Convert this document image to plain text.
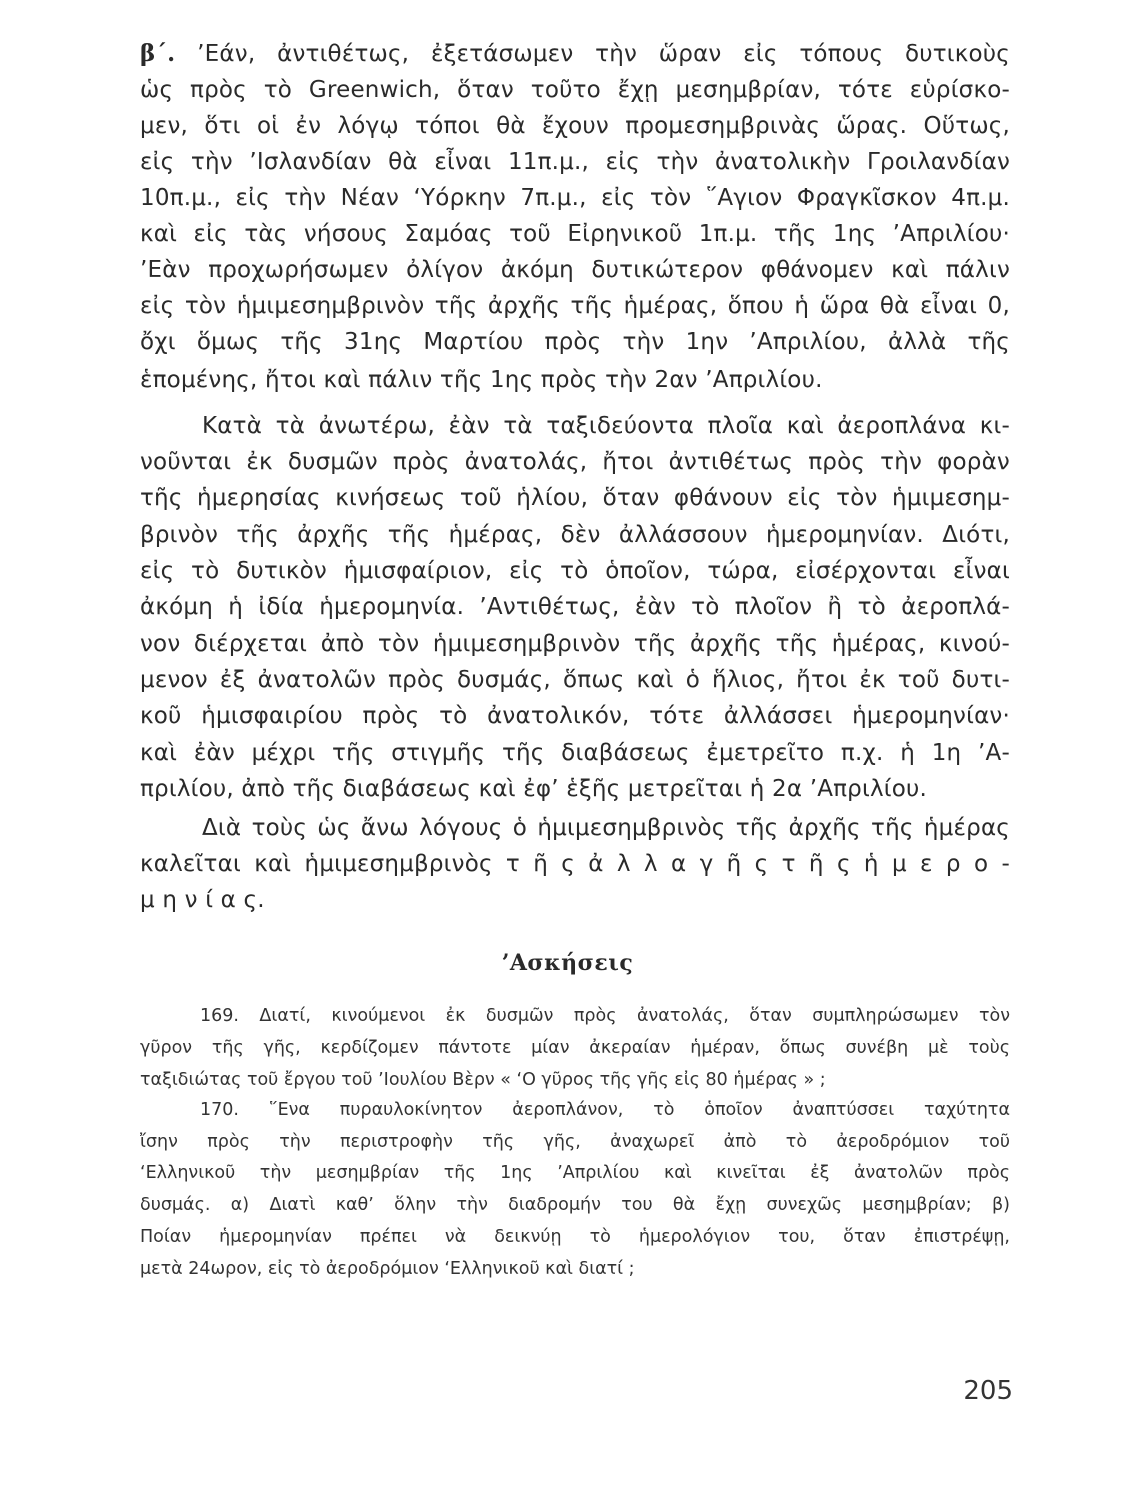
β΄. ’Εάν, ἀντιθέτως, ἐξετάσωμεν τὴν ὥραν εἰς τόπους δυτικοὺς
ὡς πρὸς τὸ Greenwich, ὅταν τοῦτο ἔχῃ μεσημβρίαν, τότε εὑρίσκο-
μεν, ὅτι οἱ ἐν λόγῳ τόποι θὰ ἔχουν προμεσημβρινὰς ὥρας. Οὕτως,
εἰς τὴν ’Ισλανδίαν θὰ εἶναι 11π.μ., εἰς τὴν ἀνατολικὴν Γροιλανδίαν
10π.μ., εἰς τὴν Νέαν ‘Υόρκην 7π.μ., εἰς τὸν ῞Αγιον Φραγκῖσκον 4π.μ.
καὶ εἰς τὰς νήσους Σαμόας τοῦ Εἰρηνικοῦ 1π.μ. τῆς 1ης ’Απριλίου·
’Εὰν προχωρήσωμεν ὀλίγον ἀκόμη δυτικώτερον φθάνομεν καὶ πάλιν
εἰς τὸν ἡμιμεσημβρινὸν τῆς ἀρχῆς τῆς ἡμέρας, ὅπου ἡ ὥρα θὰ εἶναι 0,
ὄχι ὅμως τῆς 31ης Μαρτίου πρὸς τὴν 1ην ’Απριλίου, ἀλλὰ τῆς
ἑπομένης, ἤτοι καὶ πάλιν τῆς 1ης πρὸς τὴν 2αν ’Απριλίου.
Κατὰ τὰ ἀνωτέρω, ἐὰν τὰ ταξιδεύοντα πλοῖα καὶ ἀεροπλάνα κι-
νοῦνται ἐκ δυσμῶν πρὸς ἀνατολάς, ἤτοι ἀντιθέτως πρὸς τὴν φορὰν
τῆς ἡμερησίας κινήσεως τοῦ ἡλίου, ὅταν φθάνουν εἰς τὸν ἡμιμεσημ-
βρινὸν τῆς ἀρχῆς τῆς ἡμέρας, δὲν ἀλλάσσουν ἡμερομηνίαν. Διότι,
εἰς τὸ δυτικὸν ἡμισφαίριον, εἰς τὸ ὁποῖον, τώρα, εἰσέρχονται εἶναι
ἀκόμη ἡ ἰδία ἡμερομηνία. ’Αντιθέτως, ἐὰν τὸ πλοῖον ἢ τὸ ἀεροπλά-
νον διέρχεται ἀπὸ τὸν ἡμιμεσημβρινὸν τῆς ἀρχῆς τῆς ἡμέρας, κινού-
μενον ἐξ ἀνατολῶν πρὸς δυσμάς, ὅπως καὶ ὁ ἥλιος, ἤτοι ἐκ τοῦ δυτι-
κοῦ ἡμισφαιρίου πρὸς τὸ ἀνατολικόν, τότε ἀλλάσσει ἡμερομηνίαν·
καὶ ἐὰν μέχρι τῆς στιγμῆς τῆς διαβάσεως ἐμετρεῖτο π.χ. ἡ 1η ’Α-
πριλίου, ἀπὸ τῆς διαβάσεως καὶ ἐφ’ ἑξῆς μετρεῖται ἡ 2α ’Απριλίου.
Διὰ τοὺς ὡς ἄνω λόγους ὁ ἡμιμεσημβρινὸς τῆς ἀρχῆς τῆς ἡμέρας
καλεῖται καὶ ἡμιμεσημβρινὸς τ ῆ ς ἀ λ λ α γ ῆ ς τ ῆ ς ἡ μ ε ρ ο -
μ η ν ί α ς.
’Ασκήσεις
169. Διατί, κινούμενοι ἐκ δυσμῶν πρὸς ἀνατολάς, ὅταν συμπληρώσωμεν τὸν
γῦρον τῆς γῆς, κερδίζομεν πάντοτε μίαν ἀκεραίαν ἡμέραν, ὅπως συνέβη μὲ τοὺς
ταξιδιώτας τοῦ ἔργου τοῦ ’Ιουλίου Βὲρν « ‘Ο γῦρος τῆς γῆς εἰς 80 ἡμέρας » ;
170. ῞Ενα πυραυλοκίνητον ἀεροπλάνον, τὸ ὁποῖον ἀναπτύσσει ταχύτητα
ἴσην πρὸς τὴν περιστροφὴν τῆς γῆς, ἀναχωρεῖ ἀπὸ τὸ ἀεροδρόμιον τοῦ
‘Ελληνικοῦ τὴν μεσημβρίαν τῆς 1ης ’Απριλίου καὶ κινεῖται ἐξ ἀνατολῶν πρὸς
δυσμάς. α) Διατὶ καθ’ ὅλην τὴν διαδρομήν του θὰ ἔχῃ συνεχῶς μεσημβρίαν; β)
Ποίαν ἡμερομηνίαν πρέπει νὰ δεικνύῃ τὸ ἡμερολόγιον του, ὅταν ἐπιστρέψῃ,
μετὰ 24ωρον, εἰς τὸ ἀεροδρόμιον ‘Ελληνικοῦ καὶ διατί ;
205
